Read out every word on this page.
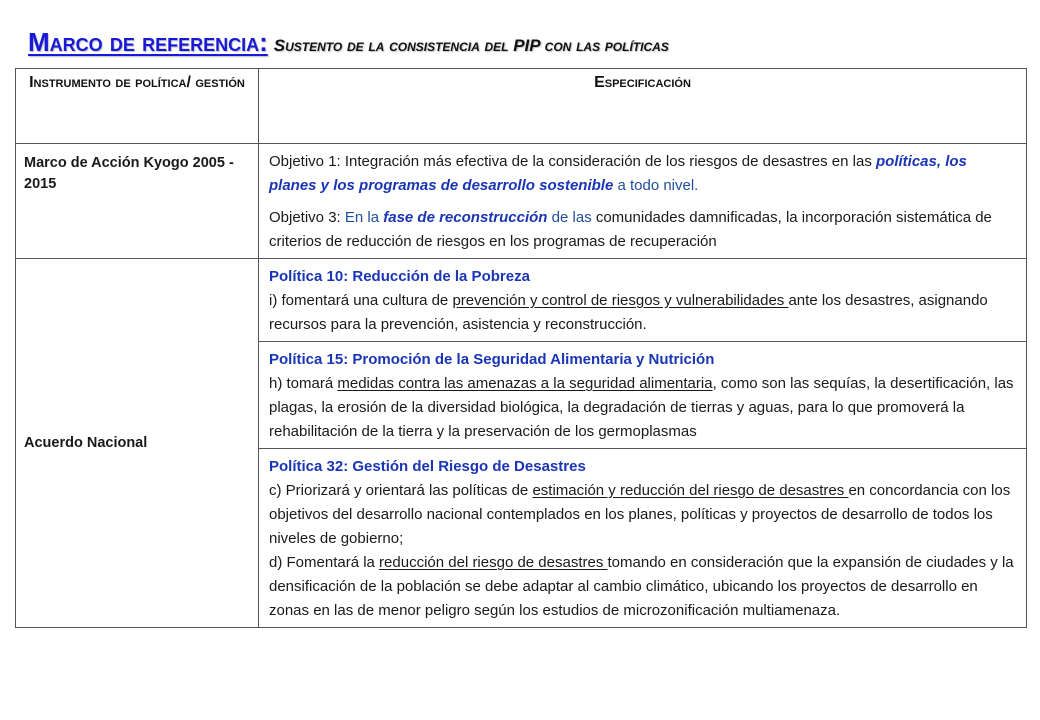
Marco de referencia: Sustento de la consistencia del PIP con las políticas
Instrumento de política/ gestión	Especificación
Marco de Acción Kyogo 2005 - 2015	Objetivo 1: Integración más efectiva de la consideración de los riesgos de desastres en las políticas, los planes y los programas de desarrollo sostenible a todo nivel.

Objetivo 3: En la fase de reconstrucción de las comunidades damnificadas, la incorporación sistemática de criterios de reducción de riesgos en los programas de recuperación

Acuerdo Nacional	Política 10: Reducción de la Pobreza
i) fomentará una cultura de prevención y control de riesgos y vulnerabilidades ante los desastres, asignando recursos para la prevención, asistencia y reconstrucción.

	Política 15: Promoción de la Seguridad Alimentaria y Nutrición
h) tomará medidas contra las amenazas a la seguridad alimentaria, como son las sequías, la desertificación, las plagas, la erosión de la diversidad biológica, la degradación de tierras y aguas, para lo que promoverá la rehabilitación de la tierra y la preservación de los germoplasmas

	Política 32: Gestión del Riesgo de Desastres
c) Priorizará y orientará las políticas de estimación y reducción del riesgo de desastres en concordancia con los objetivos del desarrollo nacional contemplados en los planes, políticas y proyectos de desarrollo de todos los niveles de gobierno;
d) Fomentará la reducción del riesgo de desastres tomando en consideración que la expansión de ciudades y la densificación de la población se debe adaptar al cambio climático, ubicando los proyectos de desarrollo en zonas en las de menor peligro según los estudios de microzonificación multiamenaza.
